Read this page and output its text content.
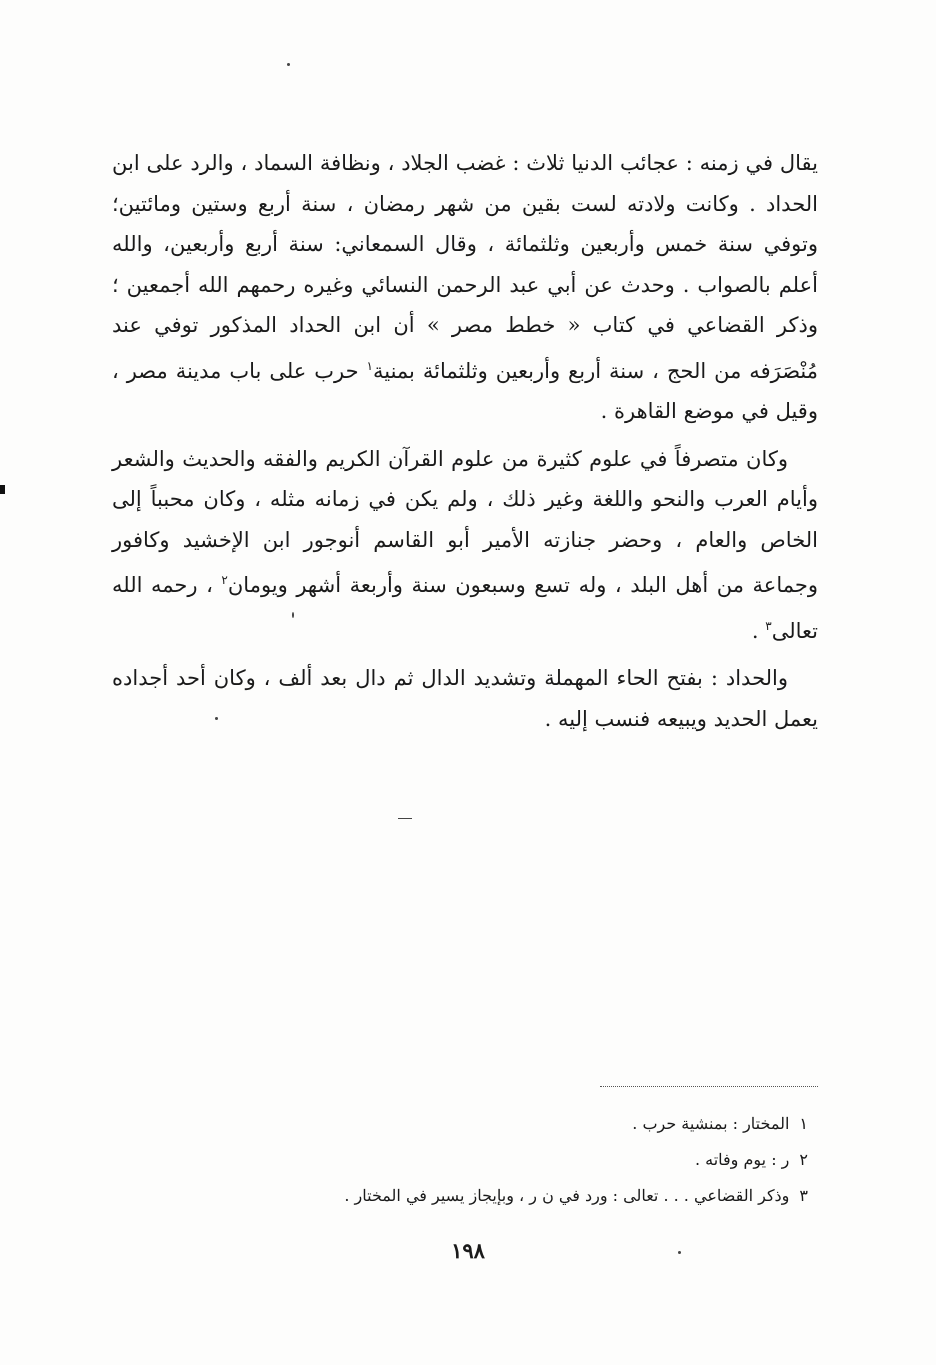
يقال في زمنه : عجائب الدنيا ثلاث : غضب الجلاد ، ونظافة السماد ، والرد على ابن الحداد . وكانت ولادته لست بقين من شهر رمضان ، سنة أربع وستين ومائتين؛ وتوفي سنة خمس وأربعين وثلثمائة ، وقال السمعاني: سنة أربع وأربعين، والله أعلم بالصواب . وحدث عن أبي عبد الرحمن النسائي وغيره رحمهم الله أجمعين ؛ وذكر القضاعي في كتاب « خطط مصر » أن ابن الحداد المذكور توفي عند مُنْصَرَفه من الحج ، سنة أربع وأربعين وثلثمائة بمنية$^١$ حرب على باب مدينة مصر ، وقيل في موضع القاهرة .

وكان متصرفاً في علوم كثيرة من علوم القرآن الكريم والفقه والحديث والشعر وأيام العرب والنحو واللغة وغير ذلك ، ولم يكن في زمانه مثله ، وكان محبباً إلى الخاص والعام ، وحضر جنازته الأمير أبو القاسم أنوجور ابن الإخشيد وكافور وجماعة من أهل البلد ، وله تسع وسبعون سنة وأربعة أشهر ويومان$^٢$ ، رحمه الله تعالى$^٣$ .

والحداد : بفتح الحاء المهملة وتشديد الدال ثم دال بعد ألف ، وكان أحد أجداده يعمل الحديد ويبيعه فنسب إليه .

١المختار : بمنشية حرب .
٢ر : يوم وفاته .
٣وذكر القضاعي . . . تعالى : ورد في ن ر ، وبإيجاز يسير في المختار .
١٩٨
